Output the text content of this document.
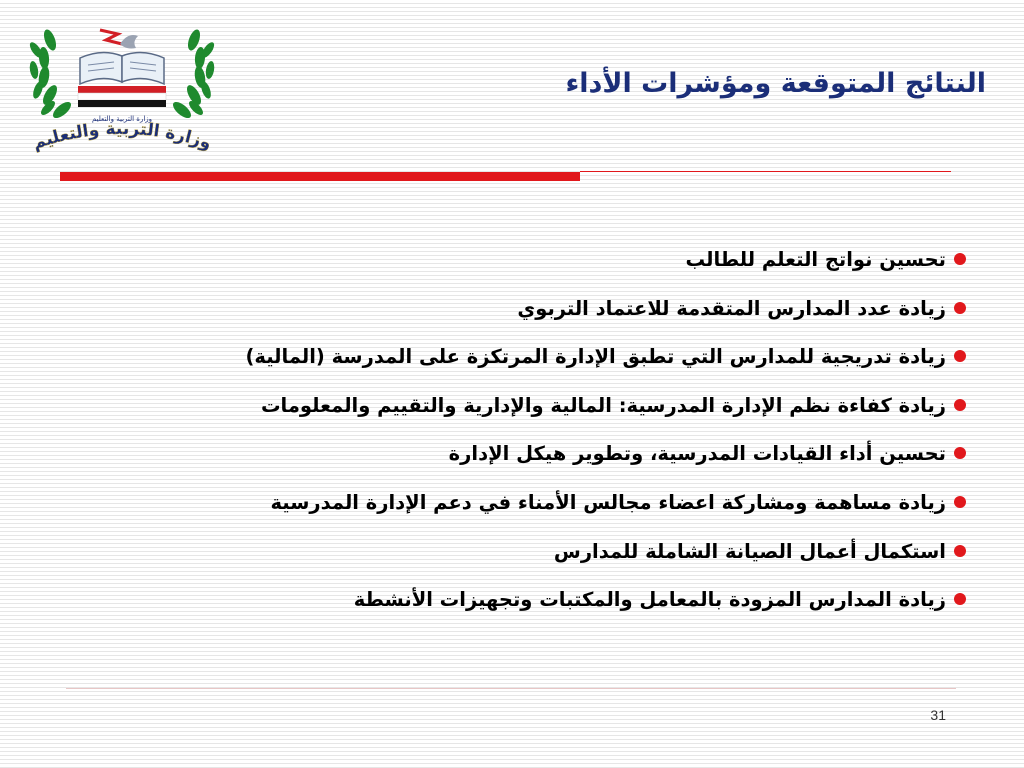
وزارة التربية والتعليم
وزارة التربية والتعليم
النتائج المتوقعة ومؤشرات الأداء
تحسين نواتج التعلم للطالب
زيادة عدد المدارس المتقدمة للاعتماد التربوي
زيادة تدريجية للمدارس التي تطبق الإدارة المرتكزة على المدرسة (المالية)
زيادة كفاءة نظم الإدارة المدرسية: المالية والإدارية والتقييم والمعلومات
تحسين أداء القيادات المدرسية، وتطوير هيكل الإدارة
زيادة مساهمة ومشاركة اعضاء مجالس الأمناء في دعم الإدارة المدرسية
استكمال أعمال الصيانة الشاملة للمدارس
زيادة المدارس المزودة بالمعامل والمكتبات وتجهيزات الأنشطة
31
